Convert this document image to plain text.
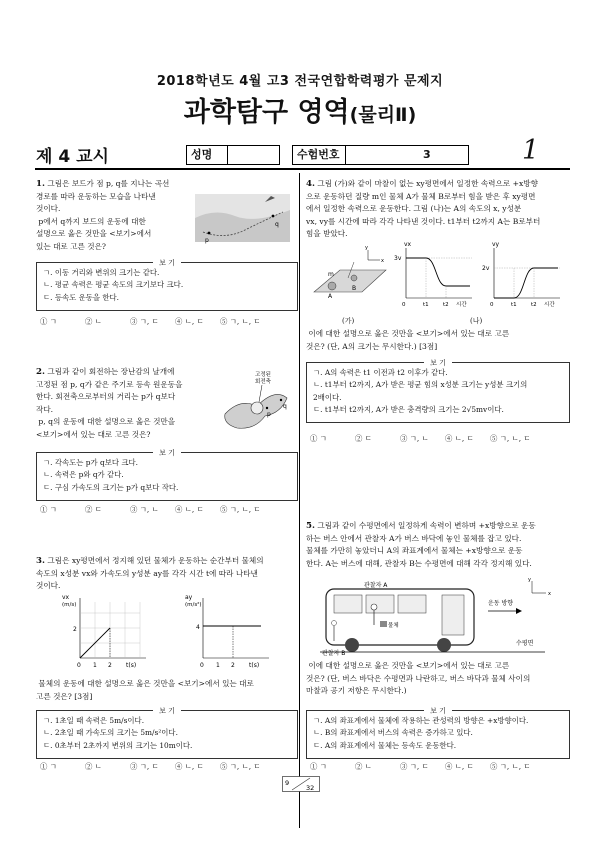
2018학년도 4월 고3 전국연합학력평가 문제지
과학탐구 영역(물리Ⅱ)
제 4 교시	성명	수험번호	3	1
1. 그림은 보드가 점 p, q를 지나는 곡선
경로를 따라 운동하는 모습을 나타낸
것이다.
p에서 q까지 보드의 운동에 대한
설명으로 옳은 것만을 <보기>에서
있는 대로 고른 것은?
p
q
보 기
ㄱ. 이동 거리와 변위의 크기는 같다.
ㄴ. 평균 속력은 평균 속도의 크기보다 크다.
ㄷ. 등속도 운동을 한다.
① ㄱ	② ㄴ	③ ㄱ, ㄷ ④ ㄴ, ㄷ ⑤ ㄱ, ㄴ, ㄷ
2. 그림과 같이 회전하는 장난감의 날개에
고정된 점 p, q가 같은 주기로 등속 원운동을
한다. 회전축으로부터의 거리는 p가 q보다
작다.
p, q의 운동에 대한 설명으로 옳은 것만을
<보기>에서 있는 대로 고른 것은?
고정된
회전축
p
q
보 기
ㄱ. 각속도는 p가 q보다 크다.
ㄴ. 속력은 p와 q가 같다.
ㄷ. 구심 가속도의 크기는 p가 q보다 작다.
① ㄱ	② ㄷ	③ ㄱ, ㄴ ④ ㄴ, ㄷ ⑤ ㄱ, ㄴ, ㄷ
3. 그림은 xy평면에서 정지해 있던 물체가 운동하는 순간부터 물체의
속도의 x성분 vx와 가속도의 y성분 ay를 각각 시간 t에 따라 나타낸
것이다.
vx
(m/s)
2
0 1 2 t(s)
ay
(m/s²)
4
0 1 2 t(s)
물체의 운동에 대한 설명으로 옳은 것만을 <보기>에서 있는 대로
고른 것은? [3점]
보 기
ㄱ. 1초일 때 속력은 5m/s이다.
ㄴ. 2초일 때 가속도의 크기는 5m/s²이다.
ㄷ. 0초부터 2초까지 변위의 크기는 10m이다.
① ㄱ	② ㄴ	③ ㄱ, ㄷ ④ ㄴ, ㄷ ⑤ ㄱ, ㄴ, ㄷ
4. 그림 (가)와 같이 마찰이 없는 xy평면에서 일정한 속력으로 +x방향
으로 운동하던 질량 m인 물체 A가 물체 B로부터 힘을 받은 후 xy평면
에서 일정한 속력으로 운동한다. 그림 (나)는 A의 속도의 x, y성분
vx, vy를 시간에 따라 각각 나타낸 것이다. t1부터 t2까지 A는 B로부터
힘을 받았다.
m
A
B
y
x
vx
3v
0	t1	t2 시간
vy
2v
0	t1	t2 시간
(가)	(나)
이에 대한 설명으로 옳은 것만을 <보기>에서 있는 대로 고른
것은? (단, A의 크기는 무시한다.) [3점]
보 기
ㄱ. A의 속력은 t1 이전과 t2 이후가 같다.
ㄴ. t1부터 t2까지, A가 받은 평균 힘의 x성분 크기는 y성분 크기의
2배이다.
ㄷ. t1부터 t2까지, A가 받은 충격량의 크기는 2√5mv이다.
① ㄱ	② ㄷ	③ ㄱ, ㄴ ④ ㄴ, ㄷ ⑤ ㄱ, ㄴ, ㄷ
5. 그림과 같이 수평면에서 일정하게 속력이 변하며 +x방향으로 운동
하는 버스 안에서 관찰자 A가 버스 바닥에 놓인 물체를 잡고 있다.
물체를 가만히 놓았더니 A의 좌표계에서 물체는 +x방향으로 운동
한다. A는 버스에 대해, 관찰자 B는 수평면에 대해 각각 정지해 있다.
관찰자 A
물체
관찰자 B
운동 방향
수평면
y
x
이에 대한 설명으로 옳은 것만을 <보기>에서 있는 대로 고른
것은? (단, 버스 바닥은 수평면과 나란하고, 버스 바닥과 물체 사이의
마찰과 공기 저항은 무시한다.)
보 기
ㄱ. A의 좌표계에서 물체에 작용하는 관성력의 방향은 +x방향이다.
ㄴ. B의 좌표계에서 버스의 속력은 증가하고 있다.
ㄷ. A의 좌표계에서 물체는 등속도 운동한다.
① ㄱ	② ㄴ	③ ㄱ, ㄷ ④ ㄴ, ㄷ ⑤ ㄱ, ㄴ, ㄷ
9
32
